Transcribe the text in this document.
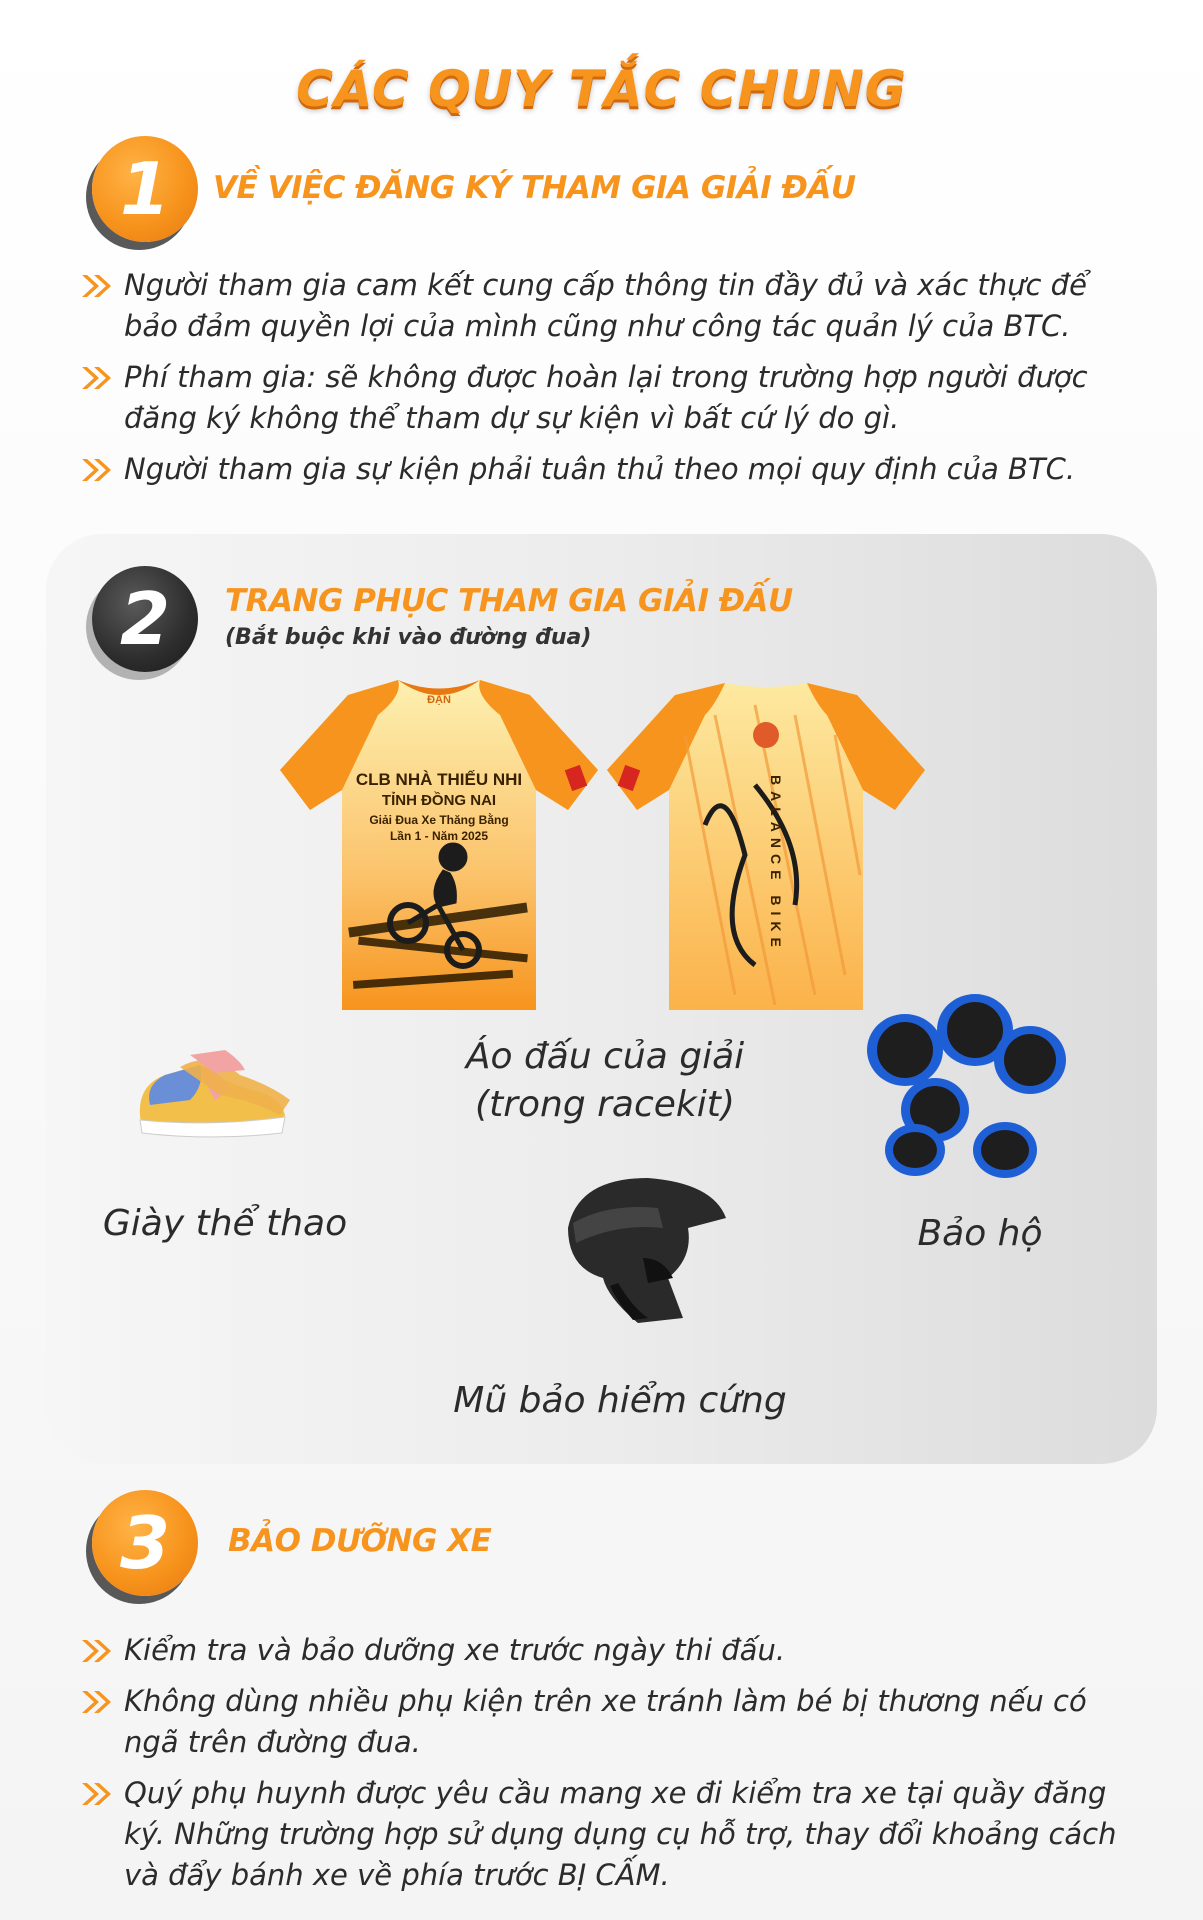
CÁC QUY TẮC CHUNG
1 VỀ VIỆC ĐĂNG KÝ THAM GIA GIẢI ĐẤU
Người tham gia cam kết cung cấp thông tin đầy đủ và xác thực để bảo đảm quyền lợi của mình cũng như công tác quản lý của BTC.
Phí tham gia: sẽ không được hoàn lại trong trường hợp người được đăng ký không thể tham dự sự kiện vì bất cứ lý do gì.
Người tham gia sự kiện phải tuân thủ theo mọi quy định của BTC.
2 TRANG PHỤC THAM GIA GIẢI ĐẤU
(Bắt buộc khi vào đường đua)
ĐẠN
CLB NHÀ THIẾU NHI
TỈNH ĐỒNG NAI
Giải Đua Xe Thăng Bằng
Lần 1 - Năm 2025	BALANCE BIKE
Áo đấu của giải
(trong racekit)
Giày thể thao	Bảo hộ
Mũ bảo hiểm cứng
3 BẢO DƯỠNG XE
Kiểm tra và bảo dưỡng xe trước ngày thi đấu.
Không dùng nhiều phụ kiện trên xe tránh làm bé bị thương nếu có ngã trên đường đua.
Quý phụ huynh được yêu cầu mang xe đi kiểm tra xe tại quầy đăng ký. Những trường hợp sử dụng dụng cụ hỗ trợ, thay đổi khoảng cách và đẩy bánh xe về phía trước BỊ CẤM.
